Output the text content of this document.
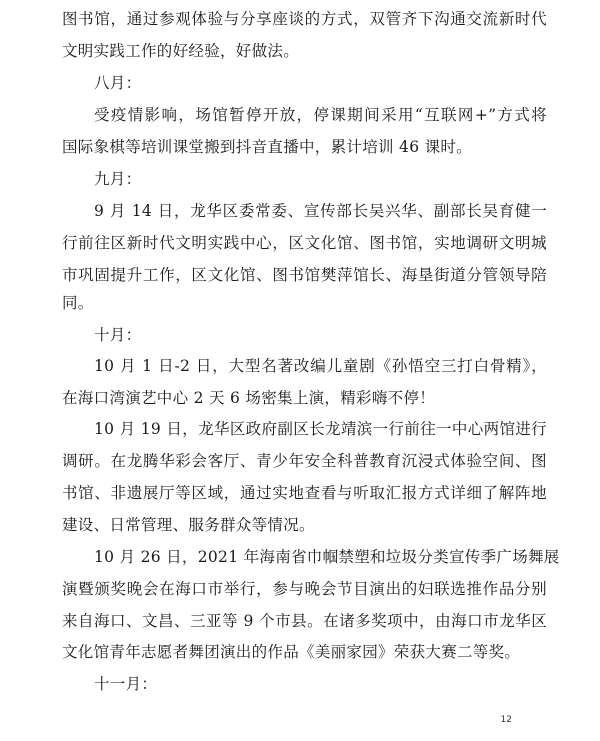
图书馆，通过参观体验与分享座谈的方式，双管齐下沟通交流新时代
文明实践工作的好经验，好做法。
八月：
受疫情影响，场馆暂停开放，停课期间采用“互联网+”方式将
国际象棋等培训课堂搬到抖音直播中，累计培训 46 课时。
九月：
9 月 14 日，龙华区委常委、宣传部长吴兴华、副部长吴育健一
行前往区新时代文明实践中心，区文化馆、图书馆，实地调研文明城
市巩固提升工作，区文化馆、图书馆樊萍馆长、海垦街道分管领导陪
同。
十月：
10 月 1 日-2 日，大型名著改编儿童剧《孙悟空三打白骨精》，
在海口湾演艺中心 2 天 6 场密集上演，精彩嗨不停！
10 月 19 日，龙华区政府副区长龙靖滨一行前往一中心两馆进行
调研。在龙腾华彩会客厅、青少年安全科普教育沉浸式体验空间、图
书馆、非遗展厅等区域，通过实地查看与听取汇报方式详细了解阵地
建设、日常管理、服务群众等情况。
10 月 26 日，2021 年海南省巾帼禁塑和垃圾分类宣传季广场舞展
演暨颁奖晚会在海口市举行，参与晚会节目演出的妇联选推作品分别
来自海口、文昌、三亚等 9 个市县。在诸多奖项中，由海口市龙华区
文化馆青年志愿者舞团演出的作品《美丽家园》荣获大赛二等奖。
十一月：
12
